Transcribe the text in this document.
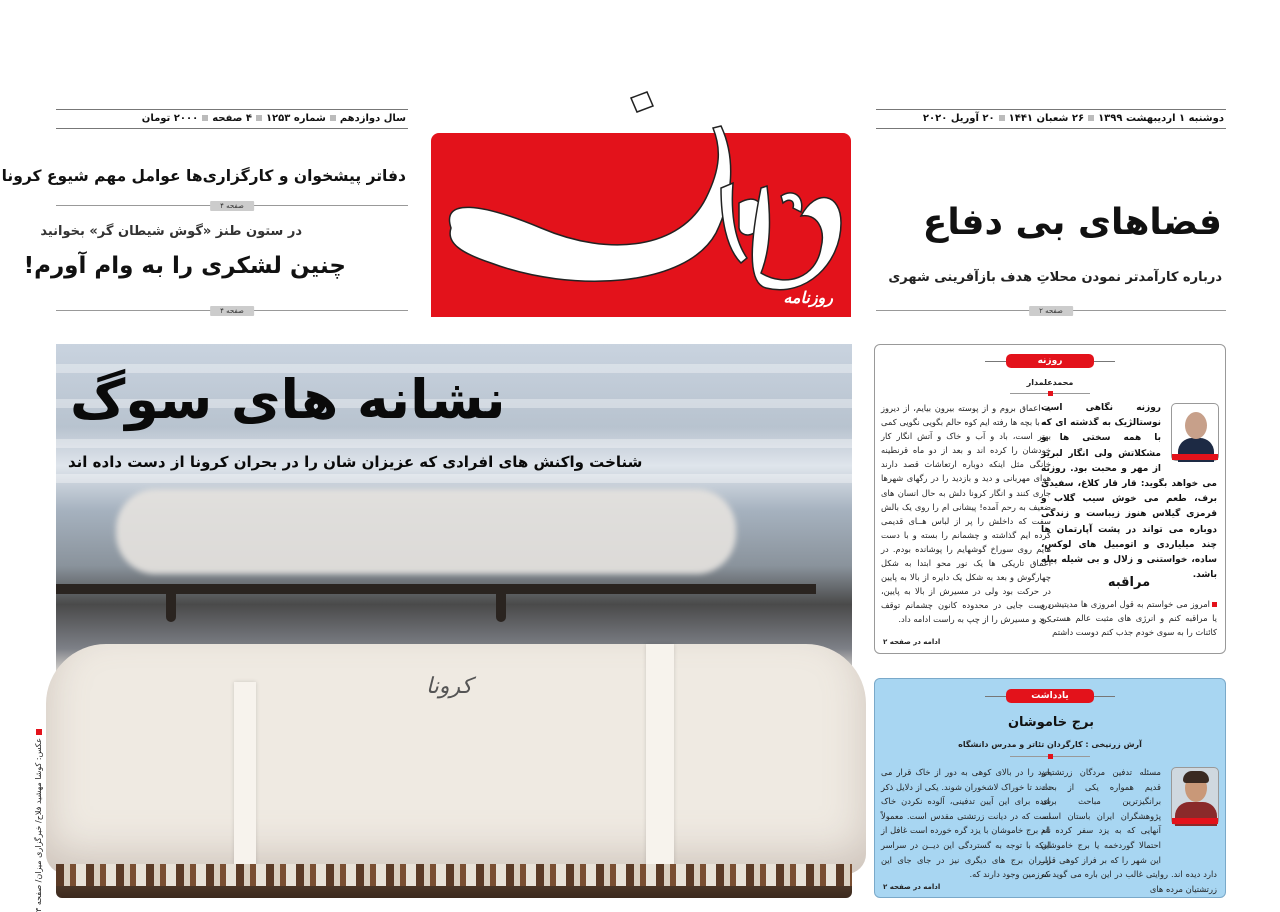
دوشنبه ۱ اردیبهشت ۱۳۹۹۲۶ شعبان ۱۴۴۱۲۰ آوریل ۲۰۲۰
سال دوازدهمشماره ۱۲۵۳۴ صفحه۲۰۰۰ تومان
روزنامه
فضاهای بی دفاع
درباره کارآمدتر نمودن محلاتِ هدف بازآفرینی شهری
صفحه ۲
دفاتر پیشخوان و کارگزاری‌ها عوامل مهم شیوع کرونا
صفحه ۴
در ستون طنز «گوش شیطان گر» بخوانید
چنین لشکری را به وام آورم!
صفحه ۴
کرونا
نشانه های سوگ
شناخت واکنش های افرادی که عزیزان شان را در بحران کرونا از دست داده اند
عکس: کوشا مهشید فلاح/ خبرگزاری میزان/ صفحه ۳
روزنه
محمدعلمدار
روزنه نگاهی است نوستالژیک به گذشته ای که با همه سختی ها و مشکلاتش ولی انگار لبریز از مهر و محبت بود. روزنه می خواهد بگوید: قار قار کلاغ، سفیدی برف، طعم می خوش سیب گلاب و قرمزی گیلاس هنوز زیباست و زندگی دوباره می تواند در پشت آپارتمان ها چند میلیاردی و اتومبیل های لوکس، ساده، خواستنی و زلال و بی شیله پیله باشد.
مراقبه
امروز می خواستم به قول امروزی ها مدیتیشن و یا مراقبه کنم و انرژی های مثبت عالم هستی و کائنات را به سوی خودم جذب کنم دوست داشتم
به اعماق بروم و از پوسته بیرون بیایم، از دیروز که با بچه ها رفته ایم کوه حالم بگویی نگویی کمی بهتر است، باد و آب و خاک و آتش انگار کار خودشان را کرده اند و بعد از دو ماه قرنطینه خانگی مثل اینکه دوباره ارتعاشات قصد دارند هوای مهربانی و دید و بازدید را در رگهای شهرها جاری کنند و انگار کرونا دلش به حال انسان های ضعیف به رحم آمده! پیشانی ام را روی یک بالش سفت که داخلش را پر از لباس هــای قدیمی کرده ایم گذاشته و چشمانم را بسته و با دست هایم روی سوراخ گوشهایم را پوشانده بودم. در اعماق تاریکی ها یک نور محو ابتدا به شکل چهارگوش و بعد به شکل یک دایره از بالا به پایین در حرکت بود ولی در مسیرش از بالا به پایین، درست جایی در محدوده کانون چشمانم توقف کرد و مسیرش را از چپ به راست ادامه داد.
ادامه در صفحه ۲
یادداشت
برج خاموشان
آرش زرنیخی : کارگردان تئاتر و مدرس دانشگاه
مسئله تدفین مردگان زرتشتیان قدیم همواره یکی از بحث برانگیزترین مباحث برای پژوهشگران ایران باستان است. آنهایی که به یزد سفر کرده اند احتمالا گوردخمه یا برج خاموشان این شهر را که بر فراز کوهی قرار دارد دیده اند. روایتی غالب در این باره می گوید که زرتشتیان مرده های
خود را در بالای کوهی به دور از خاک قرار می دادند تا خوراک لاشخوران شوند. یکی از دلایل ذکر شده برای این آیین تدفینی، آلوده نکردن خاک است که در دیانت زرتشتی مقدس است. معمولاً نام برج خاموشان با یزد گره خورده است غافل از اینکه با توجه به گستردگی این دیــن در سراسر ایــران برج های دیگری نیز در جای جای این سرزمین وجود دارند که.
ادامه در صفحه ۲
